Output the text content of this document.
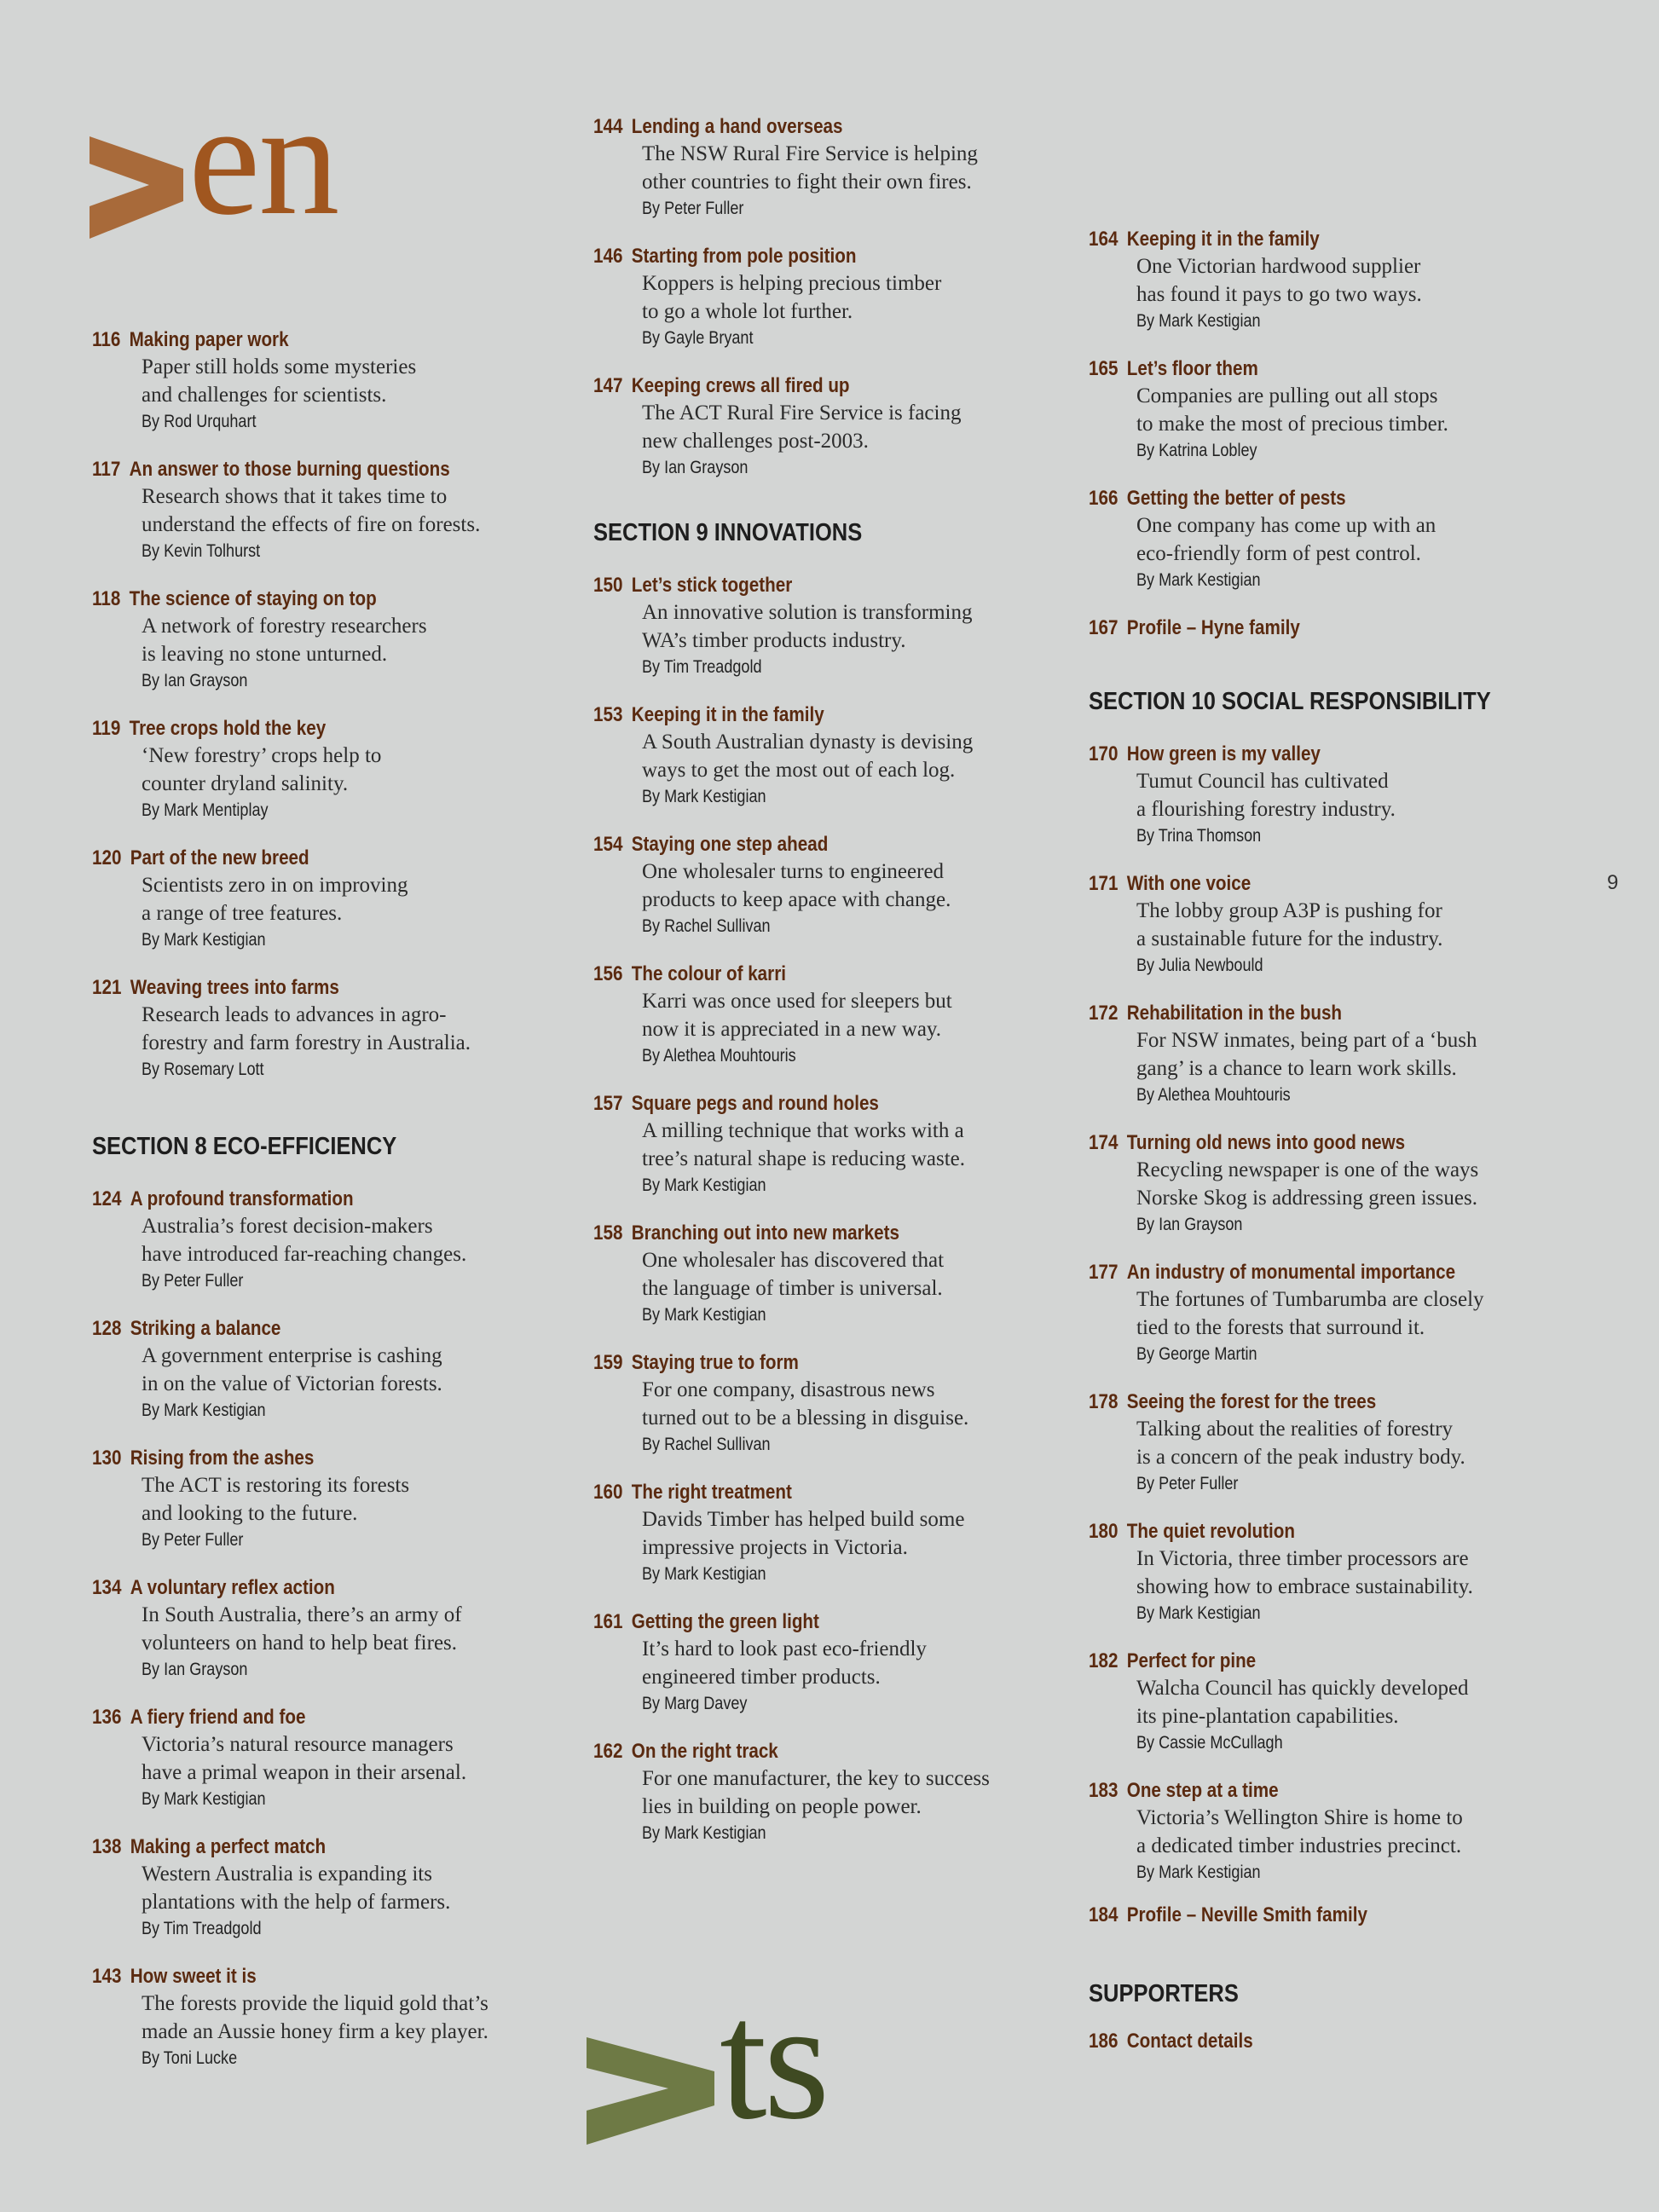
en
116 Making paper work
Paper still holds some mysteries
and challenges for scientists.
By Rod Urquhart
117 An answer to those burning questions
Research shows that it takes time to
understand the effects of fire on forests.
By Kevin Tolhurst
118 The science of staying on top
A network of forestry researchers
is leaving no stone unturned.
By Ian Grayson
119 Tree crops hold the key
‘New forestry’ crops help to
counter dryland salinity.
By Mark Mentiplay
120 Part of the new breed
Scientists zero in on improving
a range of tree features.
By Mark Kestigian
121 Weaving trees into farms
Research leads to advances in agro-
forestry and farm forestry in Australia.
By Rosemary Lott
SECTION 8 ECO-EFFICIENCY
124 A profound transformation
Australia’s forest decision-makers
have introduced far-reaching changes.
By Peter Fuller
128 Striking a balance
A government enterprise is cashing
in on the value of Victorian forests.
By Mark Kestigian
130 Rising from the ashes
The ACT is restoring its forests
and looking to the future.
By Peter Fuller
134 A voluntary reflex action
In South Australia, there’s an army of
volunteers on hand to help beat fires.
By Ian Grayson
136 A fiery friend and foe
Victoria’s natural resource managers
have a primal weapon in their arsenal.
By Mark Kestigian
138 Making a perfect match
Western Australia is expanding its
plantations with the help of farmers.
By Tim Treadgold
143 How sweet it is
The forests provide the liquid gold that’s
made an Aussie honey firm a key player.
By Toni Lucke
144 Lending a hand overseas
The NSW Rural Fire Service is helping
other countries to fight their own fires.
By Peter Fuller
146 Starting from pole position
Koppers is helping precious timber
to go a whole lot further.
By Gayle Bryant
147 Keeping crews all fired up
The ACT Rural Fire Service is facing
new challenges post-2003.
By Ian Grayson
SECTION 9 INNOVATIONS
150 Let’s stick together
An innovative solution is transforming
WA’s timber products industry.
By Tim Treadgold
153 Keeping it in the family
A South Australian dynasty is devising
ways to get the most out of each log.
By Mark Kestigian
154 Staying one step ahead
One wholesaler turns to engineered
products to keep apace with change.
By Rachel Sullivan
156 The colour of karri
Karri was once used for sleepers but
now it is appreciated in a new way.
By Alethea Mouhtouris
157 Square pegs and round holes
A milling technique that works with a
tree’s natural shape is reducing waste.
By Mark Kestigian
158 Branching out into new markets
One wholesaler has discovered that
the language of timber is universal.
By Mark Kestigian
159 Staying true to form
For one company, disastrous news
turned out to be a blessing in disguise.
By Rachel Sullivan
160 The right treatment
Davids Timber has helped build some
impressive projects in Victoria.
By Mark Kestigian
161 Getting the green light
It’s hard to look past eco-friendly
engineered timber products.
By Marg Davey
162 On the right track
For one manufacturer, the key to success
lies in building on people power.
By Mark Kestigian
ts
164 Keeping it in the family
One Victorian hardwood supplier
has found it pays to go two ways.
By Mark Kestigian
165 Let’s floor them
Companies are pulling out all stops
to make the most of precious timber.
By Katrina Lobley
166 Getting the better of pests
One company has come up with an
eco-friendly form of pest control.
By Mark Kestigian
167 Profile – Hyne family
SECTION 10 SOCIAL RESPONSIBILITY
170 How green is my valley
Tumut Council has cultivated
a flourishing forestry industry.
By Trina Thomson
171 With one voice
The lobby group A3P is pushing for
a sustainable future for the industry.
By Julia Newbould
172 Rehabilitation in the bush
For NSW inmates, being part of a ‘bush
gang’ is a chance to learn work skills.
By Alethea Mouhtouris
174 Turning old news into good news
Recycling newspaper is one of the ways
Norske Skog is addressing green issues.
By Ian Grayson
177 An industry of monumental importance
The fortunes of Tumbarumba are closely
tied to the forests that surround it.
By George Martin
178 Seeing the forest for the trees
Talking about the realities of forestry
is a concern of the peak industry body.
By Peter Fuller
180 The quiet revolution
In Victoria, three timber processors are
showing how to embrace sustainability.
By Mark Kestigian
182 Perfect for pine
Walcha Council has quickly developed
its pine-plantation capabilities.
By Cassie McCullagh
183 One step at a time
Victoria’s Wellington Shire is home to
a dedicated timber industries precinct.
By Mark Kestigian
184 Profile – Neville Smith family
SUPPORTERS
186 Contact details
9
